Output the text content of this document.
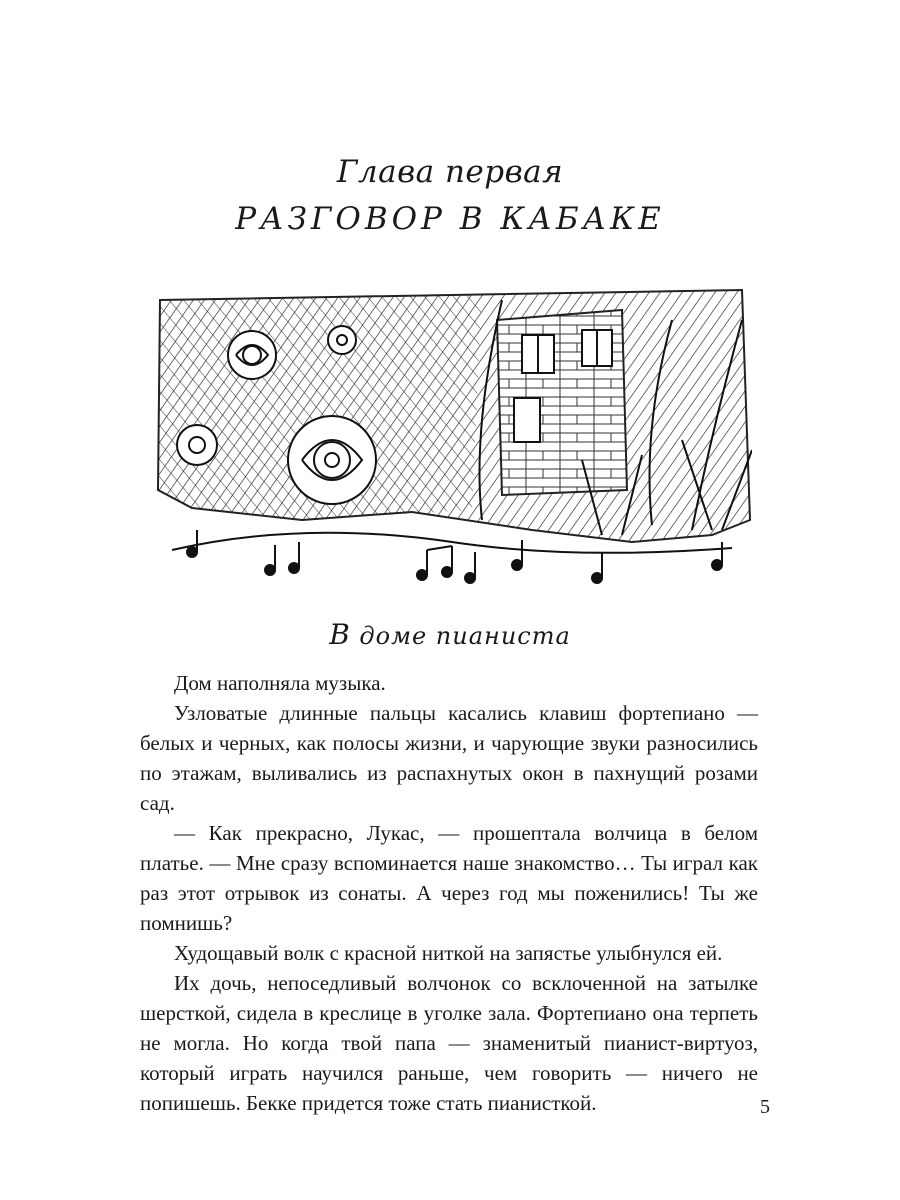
Глава первая
РАЗГОВОР В КАБАКЕ
В доме пианиста

Дом наполняла музыка.

Узловатые длинные пальцы касались клавиш фортепиано — белых и черных, как полосы жизни, и чарующие звуки разносились по этажам, выливались из распахнутых окон в пахнущий розами сад.

— Как прекрасно, Лукас, — прошептала волчица в белом платье. — Мне сразу вспоминается наше знакомство… Ты играл как раз этот отрывок из сонаты. А через год мы поженились! Ты же помнишь?

Худощавый волк с красной ниткой на запястье улыбнулся ей.

Их дочь, непоседливый волчонок со всклоченной на затылке шерсткой, сидела в креслице в уголке зала. Фортепиано она терпеть не могла. Но когда твой папа — знаменитый пианист-виртуоз, который играть научился раньше, чем говорить — ничего не попишешь. Бекке придется тоже стать пианисткой.	5
